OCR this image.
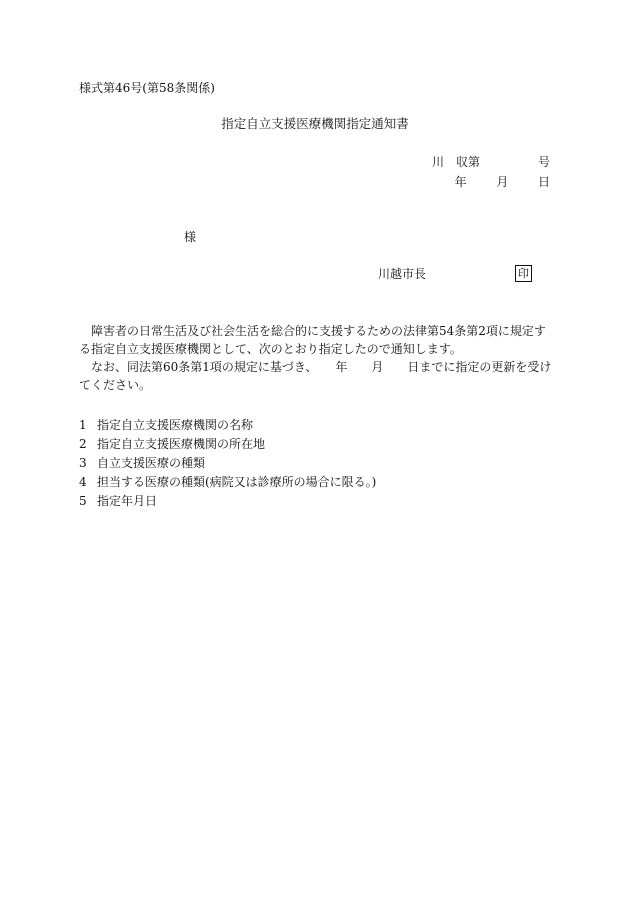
様式第46号(第58条関係)
指定自立支援医療機関指定通知書
川　収第	号
年 月 日
様
川越市長	印

　障害者の日常生活及び社会生活を総合的に支援するための法律第54条第2項に規定する指定自立支援医療機関として、次のとおり指定したので通知します。

　なお、同法第60条第1項の規定に基づき、　　年　　月　　日までに指定の更新を受けてください。

1 指定自立支援医療機関の名称
2 指定自立支援医療機関の所在地
3 自立支援医療の種類
4 担当する医療の種類(病院又は診療所の場合に限る。)
5 指定年月日
